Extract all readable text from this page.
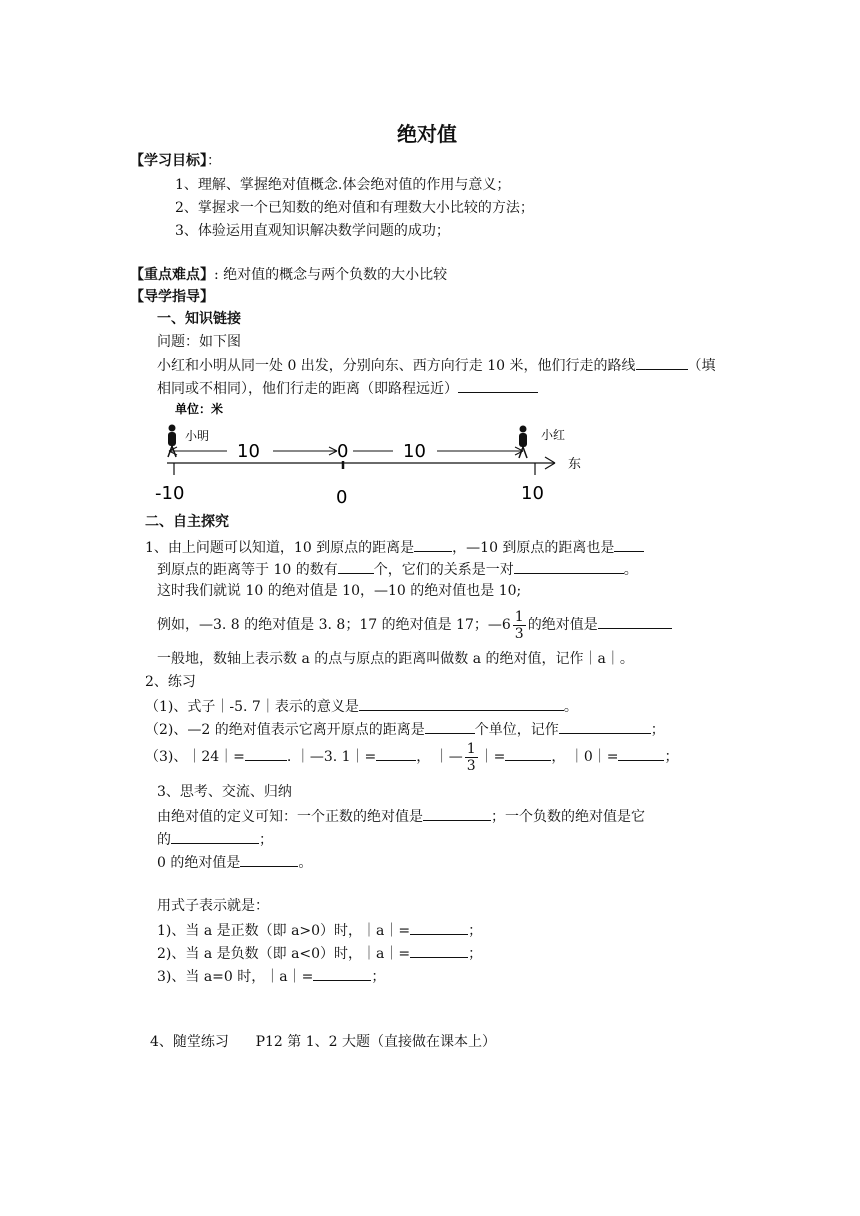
绝对值
【学习目标】：
1、理解、掌握绝对值概念.体会绝对值的作用与意义；
2、掌握求一个已知数的绝对值和有理数大小比较的方法；
3、体验运用直观知识解决数学问题的成功；
【重点难点】: 绝对值的概念与两个负数的大小比较
【导学指导】
一、知识链接
问题：如下图
小红和小明从同一处 0 出发，分别向东、西方向行走 10 米，他们行走的路线	（填
相同或不相同），他们行走的距离（即路程远近）
单位：米
小明	小红
10	0	10
东
-10	0	10
二、自主探究
1、由上问题可以知道，10 到原点的距离是	，—10 到原点的距离也是
到原点的距离等于 10 的数有	个，它们的关系是一对	。
这时我们就说 10 的绝对值是 10，—10 的绝对值也是 10;
例如，—3. 8 的绝对值是 3. 8；17 的绝对值是 17；—6 $\frac{1}{3}$ 的绝对值是
一般地，数轴上表示数 a 的点与原点的距离叫做数 a 的绝对值，记作｜a｜。
2、练习
（1)、式子｜-5. 7｜表示的意义是	。
（2)、—2 的绝对值表示它离开原点的距离是	个单位，记作	；
（3)、｜24｜=	. ｜—3. 1｜=	， ｜— $\frac{1}{3}$ ｜=	， ｜0｜=	；
3、思考、交流、归纳
由绝对值的定义可知：一个正数的绝对值是	；一个负数的绝对值是它
的	；
0 的绝对值是	。
用式子表示就是：
1)、当 a 是正数（即 a>0）时，｜a｜=	；
2)、当 a 是负数（即 a<0）时，｜a｜=	；
3)、当 a=0 时，｜a｜=	；
4、随堂练习      P12 第 1、2 大题（直接做在课本上）
